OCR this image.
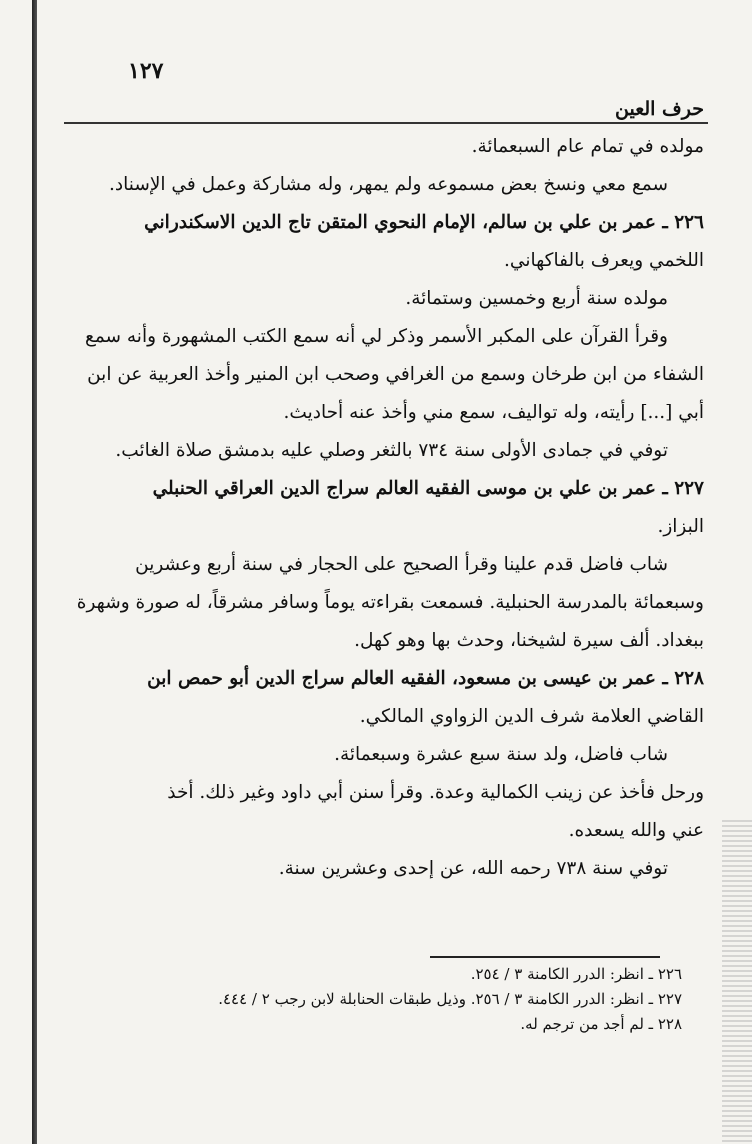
١٢٧
حرف العين
مولده في تمام عام السبعمائة.
سمع معي ونسخ بعض مسموعه ولم يمهر، وله مشاركة وعمل في الإسناد.
٢٢٦ ـ عمر بن علي بن سالم، الإمام النحوي المتقن تاج الدين الاسكندراني
اللخمي ويعرف بالفاكهاني.
مولده سنة أربع وخمسين وستمائة.
وقرأ القرآن على المكبر الأسمر وذكر لي أنه سمع الكتب المشهورة وأنه سمع
الشفاء من ابن طرخان وسمع من الغرافي وصحب ابن المنير وأخذ العربية عن ابن
أبي [...] رأيته، وله تواليف، سمع مني وأخذ عنه أحاديث.
توفي في جمادى الأولى سنة ٧٣٤ بالثغر وصلي عليه بدمشق صلاة الغائب.
٢٢٧ ـ عمر بن علي بن موسى الفقيه العالم سراج الدين العراقي الحنبلي
البزاز.
شاب فاضل قدم علينا وقرأ الصحيح على الحجار في سنة أربع وعشرين
وسبعمائة بالمدرسة الحنبلية. فسمعت بقراءته يوماً وسافر مشرقاً، له صورة وشهرة
ببغداد. ألف سيرة لشيخنا، وحدث بها وهو كهل.
٢٢٨ ـ عمر بن عيسى بن مسعود، الفقيه العالم سراج الدين أبو حمص ابن
القاضي العلامة شرف الدين الزواوي المالكي.
شاب فاضل، ولد سنة سبع عشرة وسبعمائة.
ورحل فأخذ عن زينب الكمالية وعدة. وقرأ سنن أبي داود وغير ذلك. أخذ
عني والله يسعده.
توفي سنة ٧٣٨ رحمه الله، عن إحدى وعشرين سنة.
٢٢٦ ـ انظر: الدرر الكامنة ٣ / ٢٥٤.
٢٢٧ ـ انظر: الدرر الكامنة ٣ / ٢٥٦. وذيل طبقات الحنابلة لابن رجب ٢ / ٤٤٤.
٢٢٨ ـ لم أجد من ترجم له.
